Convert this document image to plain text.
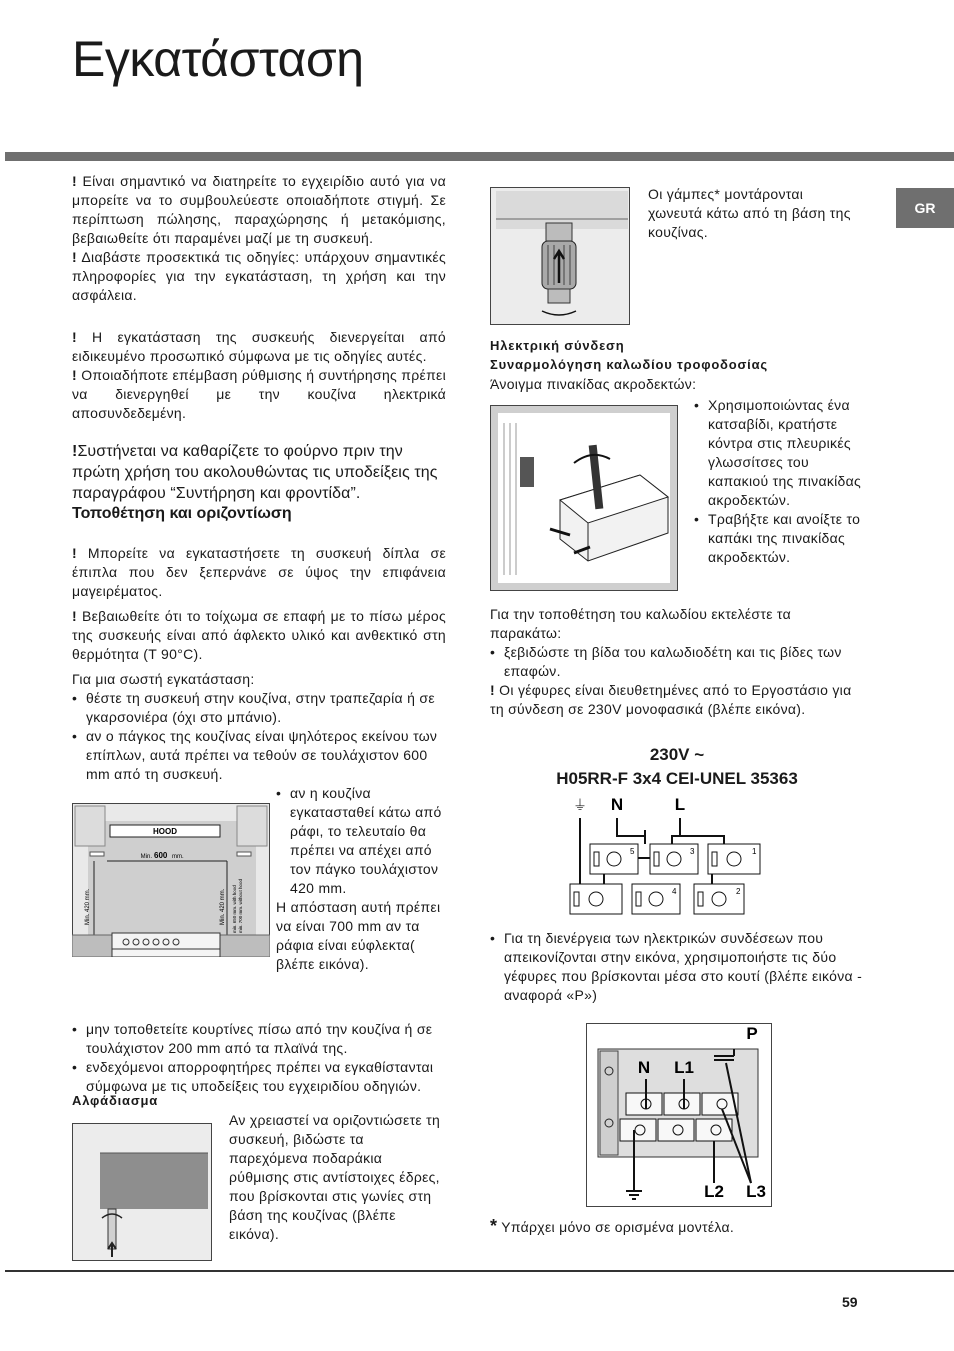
Εγκατάσταση
GR

! Είναι σημαντικό να διατηρείτε το εγχειρίδιο αυτό για να μπορείτε να το συμβουλεύεστε οποιαδήποτε στιγμή. Σε περίπτωση πώλησης, παραχώρησης ή μετακόμισης, βεβαιωθείτε ότι παραμένει μαζί με τη συσκευή.

! Διαβάστε προσεκτικά τις οδηγίες: υπάρχουν σημαντικές πληροφορίες για την εγκατάσταση, τη χρήση και την ασφάλεια.

! Η εγκατάσταση της συσκευής διενεργείται από ειδικευμένο προσωπικό σύμφωνα με τις οδηγίες αυτές.

! Οποιαδήποτε επέμβαση ρύθμισης ή συντήρησης πρέπει να διενεργηθεί με την κουζίνα ηλεκτρικά αποσυνδεδεμένη.

!Συστήνεται να καθαρίζετε το φούρνο πριν την πρώτη χρήση του ακολουθώντας τις υποδείξεις της παραγράφου “Συντήρηση και φροντίδα”.
Τοποθέτηση και οριζοντίωση

! Μπορείτε να εγκαταστήσετε τη συσκευή δίπλα σε έπιπλα που δεν ξεπερνάνε σε ύψος την επιφάνεια μαγειρέματος.

! Βεβαιωθείτε ότι το τοίχωμα σε επαφή με το πίσω μέρος της συσκευής είναι από άφλεκτο υλικό και ανθεκτικό στη θερμότητα (T 90°C).

Για μια σωστή εγκατάσταση:

• θέστε τη συσκευή στην κουζίνα, στην τραπεζαρία ή σε γκαρσονιέρα (όχι στο μπάνιο).
• αν ο πάγκος της κουζίνας είναι ψηλότερος εκείνου των επίπλων, αυτά πρέπει να τεθούν σε τουλάχιστον 600 mm από τη συσκευή.
HOOD
Min. 600 mm.
Min. 420 mm.	Min. 420 mm. min. 650 mm. with hood min. 700 mm. without hood
• αν η κουζίνα εγκατασταθεί κάτω από ράφι, το τελευταίο θα πρέπει να απέχει από τον πάγκο τουλάχιστον 420 mm.

Η απόσταση αυτή πρέπει να είναι 700 mm αν τα ράφια είναι εύφλεκτα( βλέπε εικόνα).

• μην τοποθετείτε κουρτίνες πίσω από την κουζίνα ή σε τουλάχιστον 200 mm από τα πλαϊνά της.
• ενδεχόμενοι απορροφητήρες πρέπει να εγκαθίστανται σύμφωνα με τις υποδείξεις του εγχειριδίου οδηγιών.
Αλφάδιασμα
Αν χρειαστεί να οριζοντιώσετε τη συσκευή, βιδώστε τα παρεχόμενα ποδαράκια ρύθμισης στις αντίστοιχες έδρες, που βρίσκονται στις γωνίες στη βάση της κουζίνας (βλέπε εικόνα).
Οι γάμπες* μοντάρονται χωνευτά κάτω από τη βάση της κουζίνας.
Ηλεκτρική σύνδεση
Συναρμολόγηση καλωδίου τροφοδοσίας
Άνοιγμα πινακίδας ακροδεκτών:
• Χρησιμοποιώντας ένα κατσαβίδι, κρατήστε κόντρα στις πλευρικές γλωσσίτσες του καπακιού της πινακίδας ακροδεκτών.
• Τραβήξτε και ανοίξτε το καπάκι της πινακίδας ακροδεκτών.

Για την τοποθέτηση του καλωδίου εκτελέστε τα παρακάτω:

• ξεβιδώστε τη βίδα του καλωδιοδέτη και τις βίδες των επαφών.

! Οι γέφυρες είναι διευθετημένες από το Εργοστάσιο για τη σύνδεση σε 230V μονοφασικά (βλέπε εικόνα).

230V ~
H05RR-F 3x4 CEI-UNEL 35363
⏚ N	L
5	3	1
4	2
• Για τη διενέργεια των ηλεκτρικών συνδέσεων που απεικονίζονται στην εικόνα, χρησιμοποιήστε τις δύο γέφυρες που βρίσκονται μέσα στο κουτί (βλέπε εικόνα - αναφορά «P»)
P
N L1
L2 L3
* Υπάρχει μόνο σε ορισμένα μοντέλα.
59
